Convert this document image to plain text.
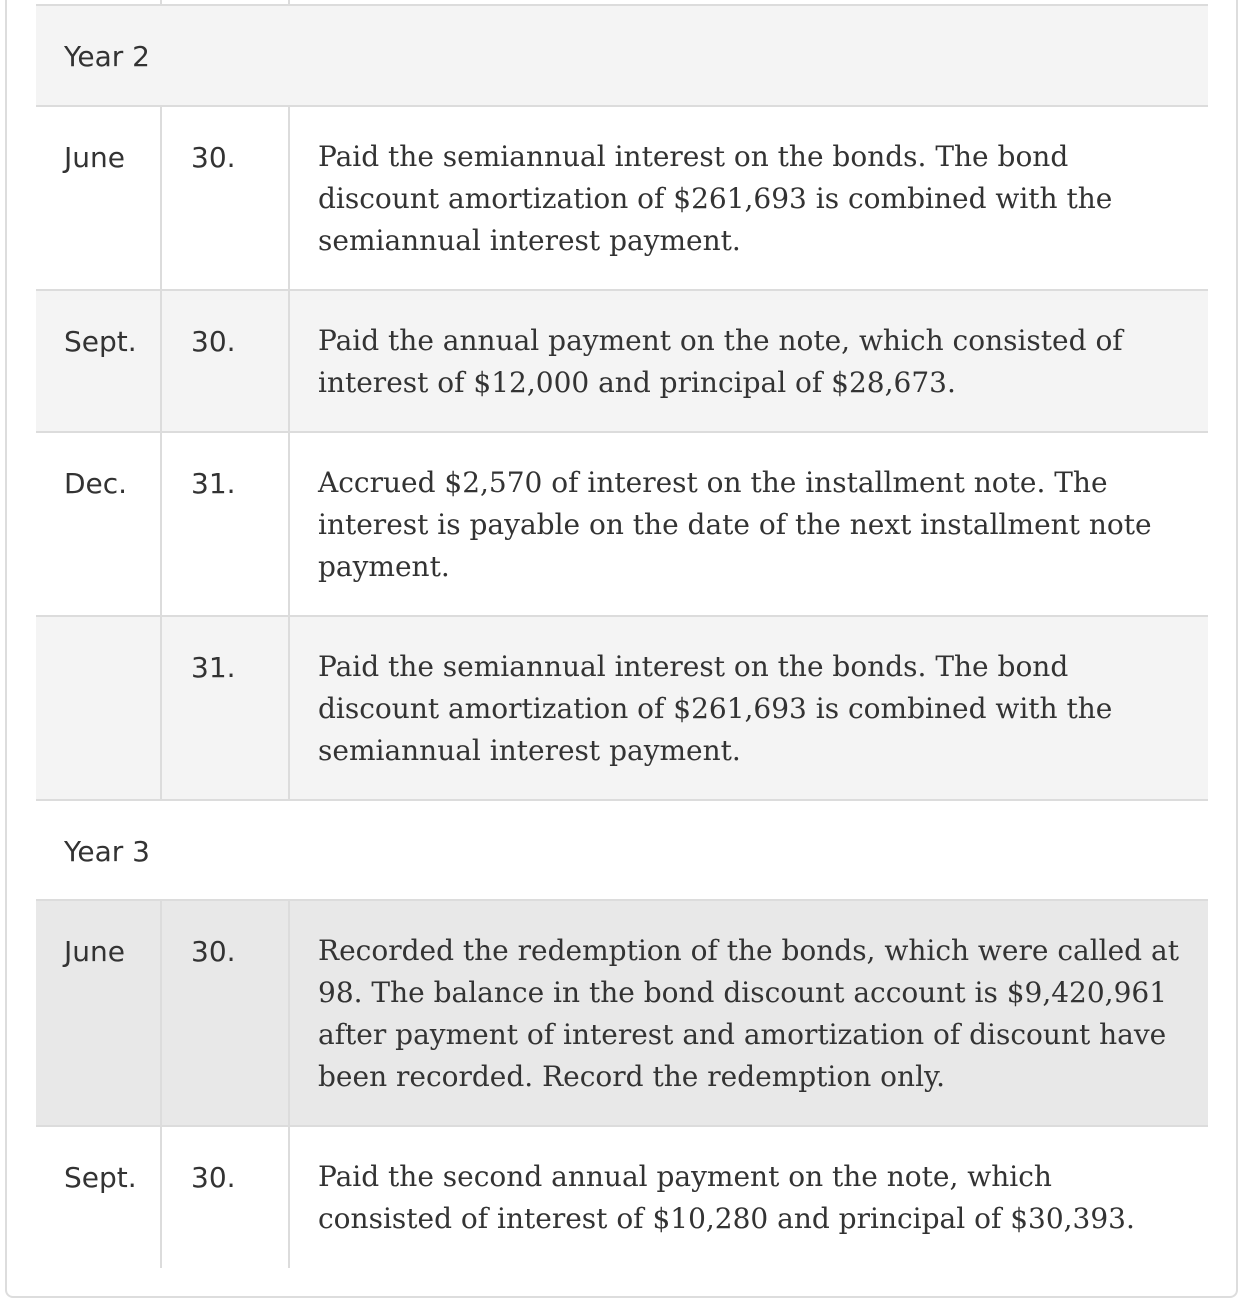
Year 2
June 30.	Paid the semiannual interest on the bonds. The bond discount amortization of $261,693 is combined with the semiannual interest payment.
Sept. 30.	Paid the annual payment on the note, which consisted of interest of $12,000 and principal of $28,673.
Dec. 31.	Accrued $2,570 of interest on the installment note. The interest is payable on the date of the next installment note payment.
31.	Paid the semiannual interest on the bonds. The bond discount amortization of $261,693 is combined with the semiannual interest payment.
Year 3
June 30.	Recorded the redemption of the bonds, which were called at 98. The balance in the bond discount account is $9,420,961 after payment of interest and amortization of discount have been recorded. Record the redemption only.
Sept. 30.	Paid the second annual payment on the note, which consisted of interest of $10,280 and principal of $30,393.
